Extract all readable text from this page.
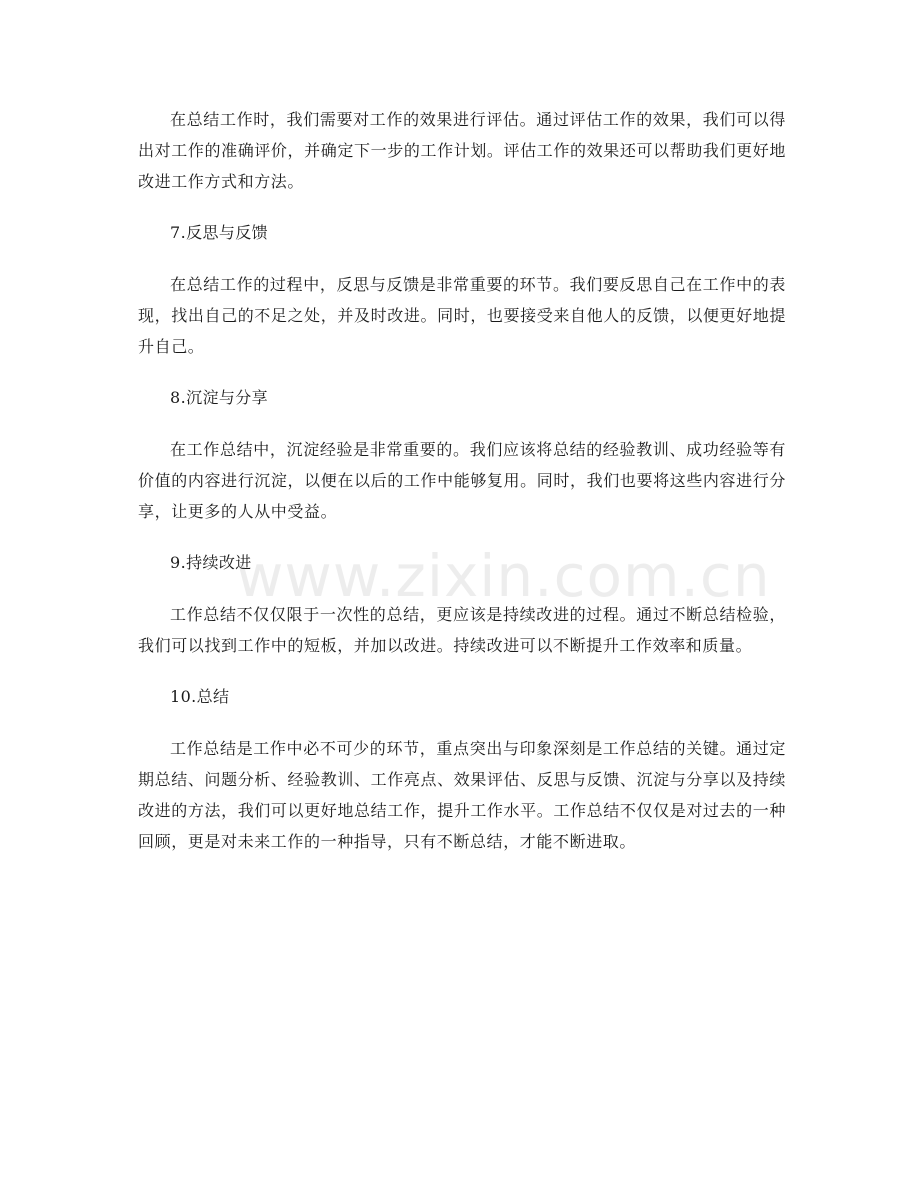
在总结工作时，我们需要对工作的效果进行评估。通过评估工作的效果，我们可以得出对工作的准确评价，并确定下一步的工作计划。评估工作的效果还可以帮助我们更好地改进工作方式和方法。

7.反思与反馈

在总结工作的过程中，反思与反馈是非常重要的环节。我们要反思自己在工作中的表现，找出自己的不足之处，并及时改进。同时，也要接受来自他人的反馈，以便更好地提升自己。

8.沉淀与分享

在工作总结中，沉淀经验是非常重要的。我们应该将总结的经验教训、成功经验等有价值的内容进行沉淀，以便在以后的工作中能够复用。同时，我们也要将这些内容进行分享，让更多的人从中受益。

9.持续改进

工作总结不仅仅限于一次性的总结，更应该是持续改进的过程。通过不断总结检验，我们可以找到工作中的短板，并加以改进。持续改进可以不断提升工作效率和质量。

10.总结

工作总结是工作中必不可少的环节，重点突出与印象深刻是工作总结的关键。通过定期总结、问题分析、经验教训、工作亮点、效果评估、反思与反馈、沉淀与分享以及持续改进的方法，我们可以更好地总结工作，提升工作水平。工作总结不仅仅是对过去的一种回顾，更是对未来工作的一种指导，只有不断总结，才能不断进取。

www.zixin.com.cn
